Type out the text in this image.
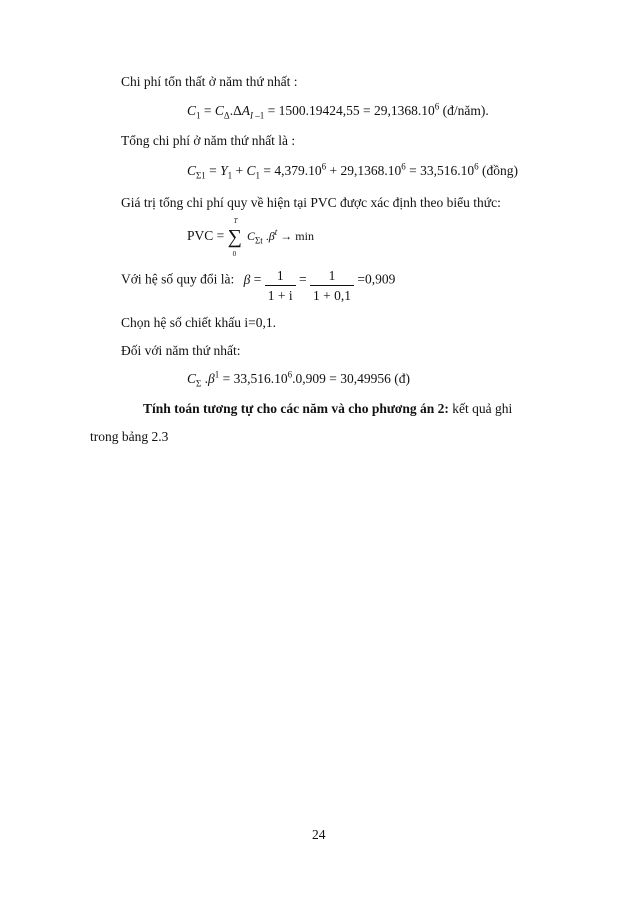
Chi phí tổn thất ở năm thứ nhất :
$C_1 = C_\Delta.\Delta A_{I -1} = 1500.19424,55 = 29,1368.10^6$ (đ/năm).
Tổng chi phí ở năm thứ nhất là :
$C_{\Sigma 1} = Y_1 + C_1 = 4,379.10^6 + 29,1368.10^6 = 33,516.10^6$ (đồng)
Giá trị tổng chi phí quy về hiện tại PVC được xác định theo biểu thức:
PVC = ∑
T
0
$C_{\Sigma t}$ $.\beta^t \to \min$
Với hệ số quy đổi là: $\beta = \frac{1}{1 + i} = \frac{1}{1 + 0,1} =0,909$
Chọn hệ số chiết khấu i=0,1.
Đối với năm thứ nhất:
$C_\Sigma$ $.\beta^1 = 33,516.10^6.0,909 = 30,49956$ (đ)
Tính toán tương tự cho các năm và cho phương án 2: kết quả ghi
trong bảng 2.3
24
